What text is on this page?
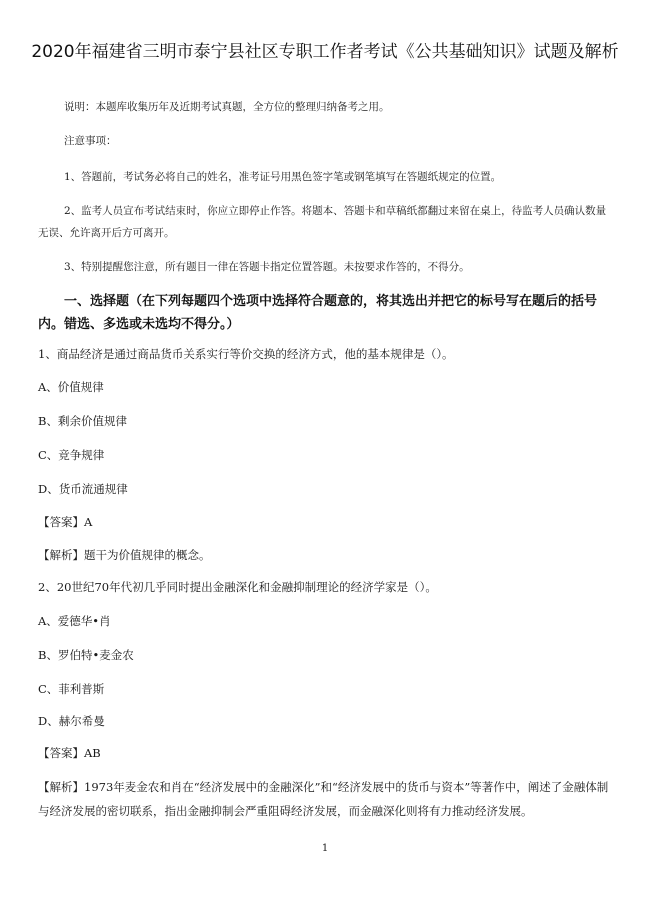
2020年福建省三明市泰宁县社区专职工作者考试《公共基础知识》试题及解析
说明：本题库收集历年及近期考试真题，全方位的整理归纳备考之用。
注意事项：
1、答题前，考试务必将自己的姓名，准考证号用黑色签字笔或钢笔填写在答题纸规定的位置。
2、监考人员宣布考试结束时，你应立即停止作答。将题本、答题卡和草稿纸都翻过来留在桌上，待监考人员确认数量无误、允许离开后方可离开。
3、特别提醒您注意，所有题目一律在答题卡指定位置答题。未按要求作答的，不得分。
一、选择题（在下列每题四个选项中选择符合题意的，将其选出并把它的标号写在题后的括号内。错选、多选或未选均不得分。）
1、商品经济是通过商品货币关系实行等价交换的经济方式，他的基本规律是（）。
A、价值规律
B、剩余价值规律
C、竞争规律
D、货币流通规律
【答案】A
【解析】题干为价值规律的概念。
2、20世纪70年代初几乎同时提出金融深化和金融抑制理论的经济学家是（）。
A、爱德华•肖
B、罗伯特•麦金农
C、菲利普斯
D、赫尔希曼
【答案】AB
【解析】1973年麦金农和肖在“经济发展中的金融深化”和“经济发展中的货币与资本”等著作中，阐述了金融体制与经济发展的密切联系，指出金融抑制会严重阻碍经济发展，而金融深化则将有力推动经济发展。
1
